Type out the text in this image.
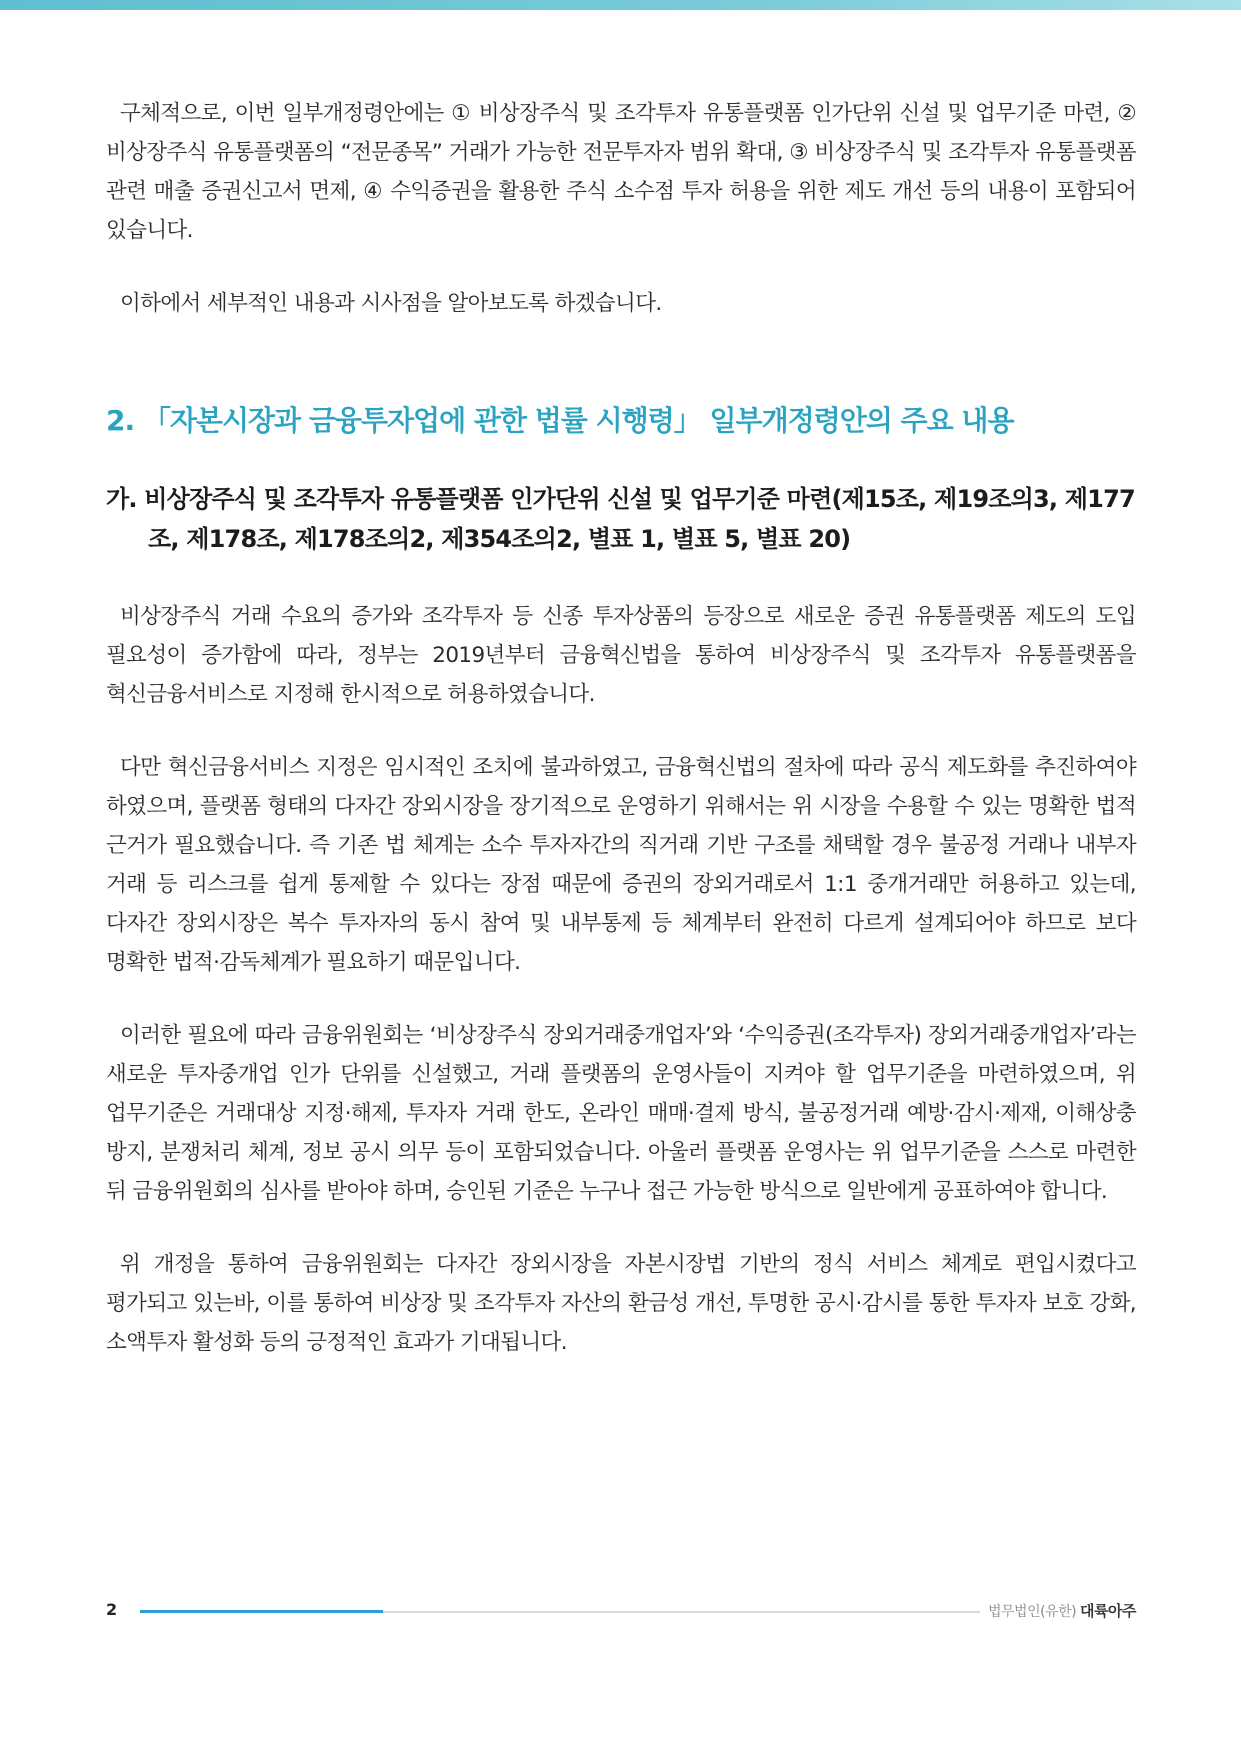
구체적으로, 이번 일부개정령안에는 ① 비상장주식 및 조각투자 유통플랫폼 인가단위 신설 및 업무기준 마련, ② 비상장주식 유통플랫폼의 “전문종목” 거래가 가능한 전문투자자 범위 확대, ③ 비상장주식 및 조각투자 유통플랫폼 관련 매출 증권신고서 면제, ④ 수익증권을 활용한 주식 소수점 투자 허용을 위한 제도 개선 등의 내용이 포함되어 있습니다.

이하에서 세부적인 내용과 시사점을 알아보도록 하겠습니다.

2. 「자본시장과 금융투자업에 관한 법률 시행령」 일부개정령안의 주요 내용
가. 비상장주식 및 조각투자 유통플랫폼 인가단위 신설 및 업무기준 마련(제15조, 제19조의3, 제177조, 제178조, 제178조의2, 제354조의2, 별표 1, 별표 5, 별표 20)

비상장주식 거래 수요의 증가와 조각투자 등 신종 투자상품의 등장으로 새로운 증권 유통플랫폼 제도의 도입 필요성이 증가함에 따라, 정부는 2019년부터 금융혁신법을 통하여 비상장주식 및 조각투자 유통플랫폼을 혁신금융서비스로 지정해 한시적으로 허용하였습니다.

다만 혁신금융서비스 지정은 임시적인 조치에 불과하였고, 금융혁신법의 절차에 따라 공식 제도화를 추진하여야 하였으며, 플랫폼 형태의 다자간 장외시장을 장기적으로 운영하기 위해서는 위 시장을 수용할 수 있는 명확한 법적 근거가 필요했습니다. 즉 기존 법 체계는 소수 투자자간의 직거래 기반 구조를 채택할 경우 불공정 거래나 내부자 거래 등 리스크를 쉽게 통제할 수 있다는 장점 때문에 증권의 장외거래로서 1:1 중개거래만 허용하고 있는데, 다자간 장외시장은 복수 투자자의 동시 참여 및 내부통제 등 체계부터 완전히 다르게 설계되어야 하므로 보다 명확한 법적·감독체계가 필요하기 때문입니다.

이러한 필요에 따라 금융위원회는 ‘비상장주식 장외거래중개업자’와 ‘수익증권(조각투자) 장외거래중개업자’라는 새로운 투자중개업 인가 단위를 신설했고, 거래 플랫폼의 운영사들이 지켜야 할 업무기준을 마련하였으며, 위 업무기준은 거래대상 지정·해제, 투자자 거래 한도, 온라인 매매·결제 방식, 불공정거래 예방·감시·제재, 이해상충 방지, 분쟁처리 체계, 정보 공시 의무 등이 포함되었습니다. 아울러 플랫폼 운영사는 위 업무기준을 스스로 마련한 뒤 금융위원회의 심사를 받아야 하며, 승인된 기준은 누구나 접근 가능한 방식으로 일반에게 공표하여야 합니다.

위 개정을 통하여 금융위원회는 다자간 장외시장을 자본시장법 기반의 정식 서비스 체계로 편입시켰다고 평가되고 있는바, 이를 통하여 비상장 및 조각투자 자산의 환금성 개선, 투명한 공시·감시를 통한 투자자 보호 강화, 소액투자 활성화 등의 긍정적인 효과가 기대됩니다.

2	법무법인(유한) 대륙아주
